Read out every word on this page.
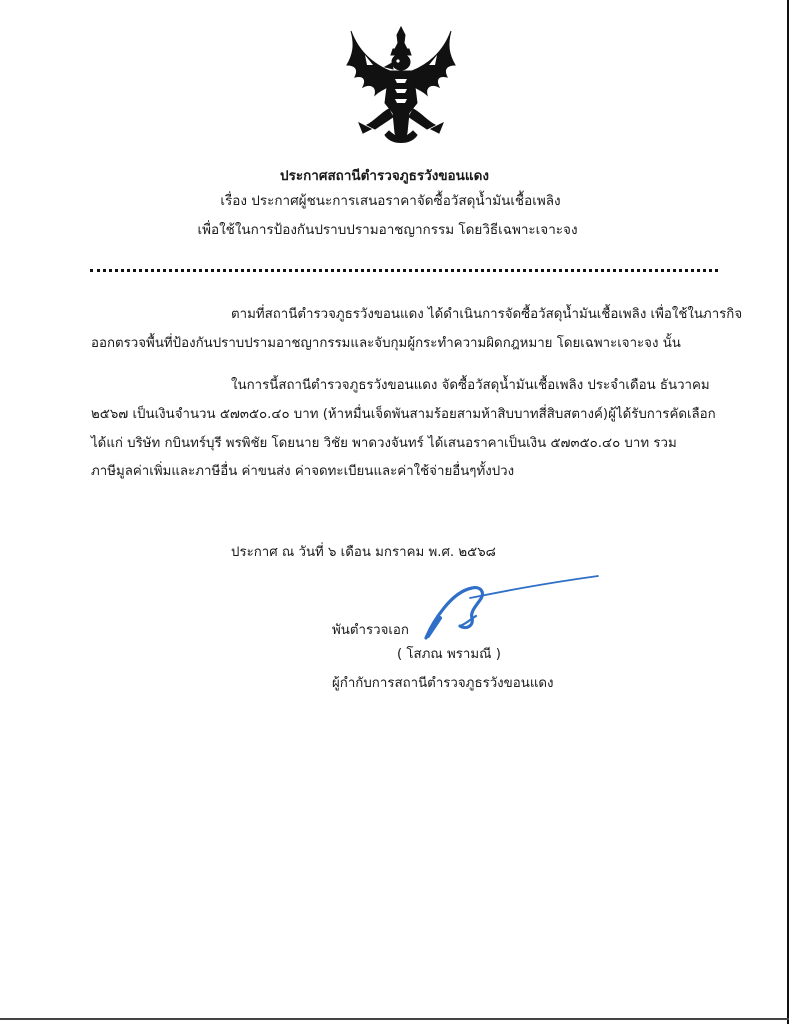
ประกาศสถานีตำรวจภูธรวังขอนแดง
เรื่อง ประกาศผู้ชนะการเสนอราคาจัดซื้อวัสดุน้ำมันเชื้อเพลิง
เพื่อใช้ในการป้องกันปราบปรามอาชญากรรม โดยวิธีเฉพาะเจาะจง
ตามที่สถานีตำรวจภูธรวังขอนแดง ได้ดำเนินการจัดซื้อวัสดุน้ำมันเชื้อเพลิง เพื่อใช้ในภารกิจ
ออกตรวจพื้นที่ป้องกันปราบปรามอาชญากรรมและจับกุมผู้กระทำความผิดกฎหมาย โดยเฉพาะเจาะจง นั้น
ในการนี้สถานีตำรวจภูธรวังขอนแดง จัดซื้อวัสดุน้ำมันเชื้อเพลิง ประจำเดือน ธันวาคม
๒๕๖๗ เป็นเงินจำนวน ๕๗๓๕๐.๔๐ บาท (ห้าหมื่นเจ็ดพันสามร้อยสามห้าสิบบาทสี่สิบสตางค์)ผู้ได้รับการคัดเลือก
ได้แก่ บริษัท กบินทร์บุรี พรพิชัย โดยนาย วิชัย พาดวงจันทร์ ได้เสนอราคาเป็นเงิน ๕๗๓๕๐.๔๐ บาท รวม
ภาษีมูลค่าเพิ่มและภาษีอื่น ค่าขนส่ง ค่าจดทะเบียนและค่าใช้จ่ายอื่นๆทั้งปวง
ประกาศ ณ วันที่ ๖ เดือน มกราคม พ.ศ. ๒๕๖๘
พันตำรวจเอก
( โสภณ พรามณี )
ผู้กำกับการสถานีตำรวจภูธรวังขอนแดง
